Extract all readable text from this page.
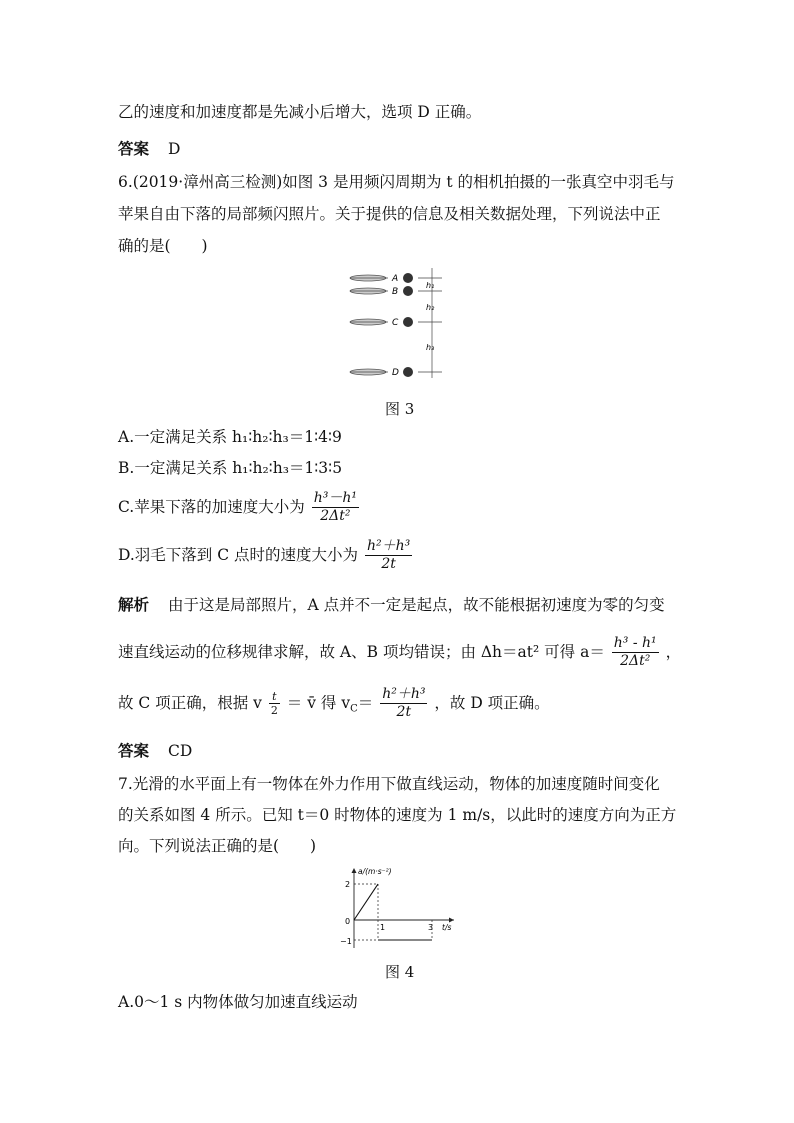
乙的速度和加速度都是先减小后增大，选项 D 正确。
答案 D
6.(2019·漳州高三检测)如图 3 是用频闪周期为 t 的相机拍摄的一张真空中羽毛与
苹果自由下落的局部频闪照片。关于提供的信息及相关数据处理，下列说法中正
确的是(　　)
A
B
C
D
h₁
h₂
h₃
图 3
A.一定满足关系 h₁∶h₂∶h₃＝1∶4∶9
B.一定满足关系 h₁∶h₂∶h₃＝1∶3∶5
C.苹果下落的加速度大小为 $\frac{\text{h³－h¹}}{\text{2Δt²}}$
D.羽毛下落到 C 点时的速度大小为 $\frac{\text{h²＋h³}}{2t}$
解析 由于这是局部照片，A 点并不一定是起点，故不能根据初速度为零的匀变
速直线运动的位移规律求解，故 A、B 项均错误；由 Δh＝at² 可得 $a= \frac{\text{h³ - h¹}}{\text{2Δt²}}$ ，
故 C 项正确，根据 v $\frac{t}{2}$ ＝ v̄ 得 $v_C= \frac{\text{h²＋h³}}{2t}$ ，故 D 项正确。
答案 CD
7.光滑的水平面上有一物体在外力作用下做直线运动，物体的加速度随时间变化
的关系如图 4 所示。已知 t＝0 时物体的速度为 1 m/s，以此时的速度方向为正方
向。下列说法正确的是(　　)
a/(m·s⁻²)
t/s
2
0
−1
1	3
图 4
A.0～1 s 内物体做匀加速直线运动
